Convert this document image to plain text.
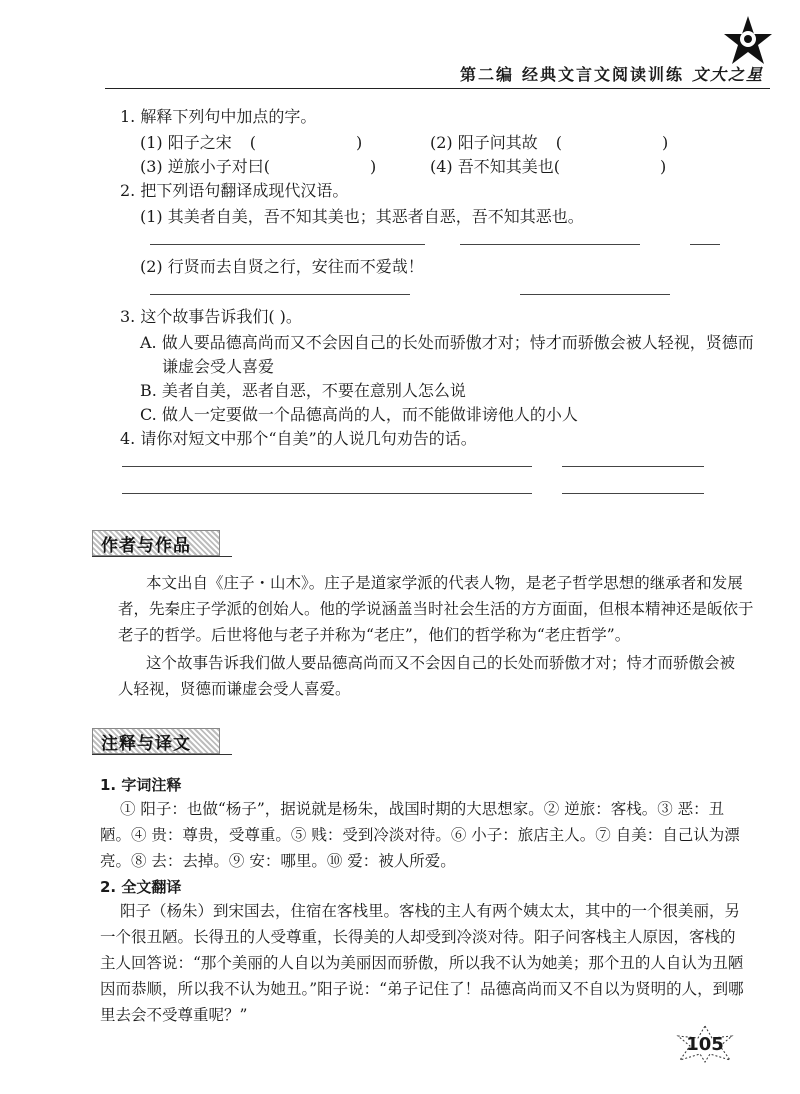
第二编 经典文言文阅读训练 文大之星
1. 解释下列句中加点的字。
(1) 阳子之宋 (	)	(2) 阳子问其故 (	)
(3) 逆旅小子对曰(	)	(4) 吾不知其美也(	)
2. 把下列语句翻译成现代汉语。
(1) 其美者自美，吾不知其美也；其恶者自恶，吾不知其恶也。
(2) 行贤而去自贤之行，安往而不爱哉！
3. 这个故事告诉我们( )。
A. 做人要品德高尚而又不会因自己的长处而骄傲才对；恃才而骄傲会被人轻视，贤德而
谦虚会受人喜爱
B. 美者自美，恶者自恶，不要在意别人怎么说
C. 做人一定要做一个品德高尚的人，而不能做诽谤他人的小人
4. 请你对短文中那个“自美”的人说几句劝告的话。
作者与作品
本文出自《庄子・山木》。庄子是道家学派的代表人物，是老子哲学思想的继承者和发展
者，先秦庄子学派的创始人。他的学说涵盖当时社会生活的方方面面，但根本精神还是皈依于
老子的哲学。后世将他与老子并称为“老庄”，他们的哲学称为“老庄哲学”。
这个故事告诉我们做人要品德高尚而又不会因自己的长处而骄傲才对；恃才而骄傲会被
人轻视，贤德而谦虚会受人喜爱。
注释与译文
1. 字词注释
① 阳子：也做“杨子”，据说就是杨朱，战国时期的大思想家。② 逆旅：客栈。③ 恶：丑
陋。④ 贵：尊贵，受尊重。⑤ 贱：受到冷淡对待。⑥ 小子：旅店主人。⑦ 自美：自己认为漂
亮。⑧ 去：去掉。⑨ 安：哪里。⑩ 爱：被人所爱。
2. 全文翻译
阳子（杨朱）到宋国去，住宿在客栈里。客栈的主人有两个姨太太，其中的一个很美丽，另
一个很丑陋。长得丑的人受尊重，长得美的人却受到冷淡对待。阳子问客栈主人原因，客栈的
主人回答说：“那个美丽的人自以为美丽因而骄傲，所以我不认为她美；那个丑的人自认为丑陋
因而恭顺，所以我不认为她丑。”阳子说：“弟子记住了！品德高尚而又不自以为贤明的人，到哪
里去会不受尊重呢？”
105
